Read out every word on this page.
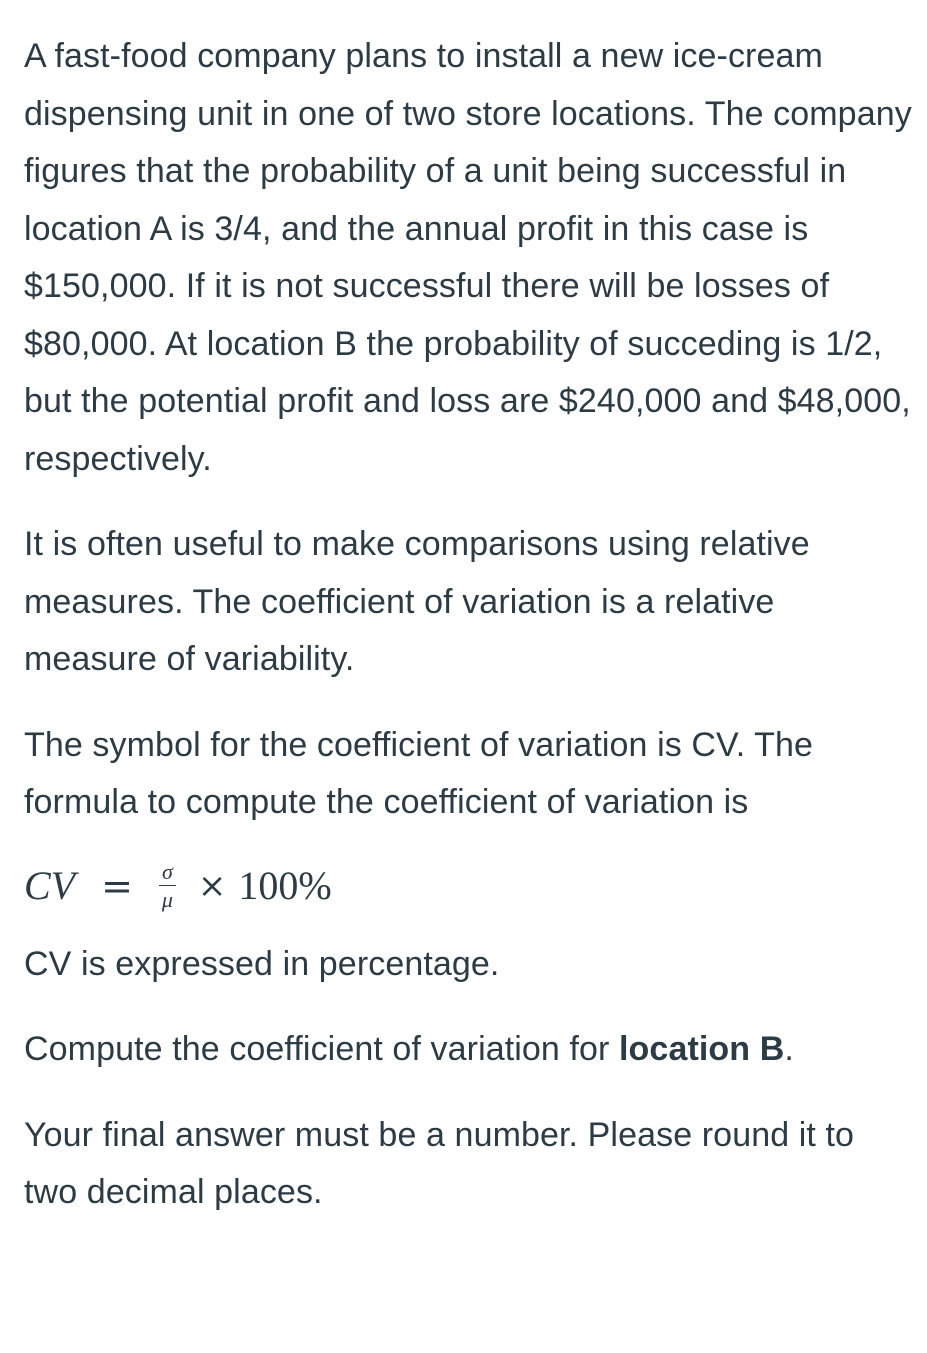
A fast-food company plans to install a new ice-cream dispensing unit in one of two store locations. The company figures that the probability of a unit being successful in location A is 3/4, and the annual profit in this case is $150,000. If it is not successful there will be losses of $80,000. At location B the probability of succeding is 1/2, but the potential profit and loss are $240,000 and $48,000, respectively.

It is often useful to make comparisons using relative measures. The coefficient of variation is a relative measure of variability.

The symbol for the coefficient of variation is CV. The formula to compute the coefficient of variation is

CV = $\frac{\sigma}{\mu} \times 100\%$

CV is expressed in percentage.

Compute the coefficient of variation for location B.

Your final answer must be a number. Please round it to two decimal places.
